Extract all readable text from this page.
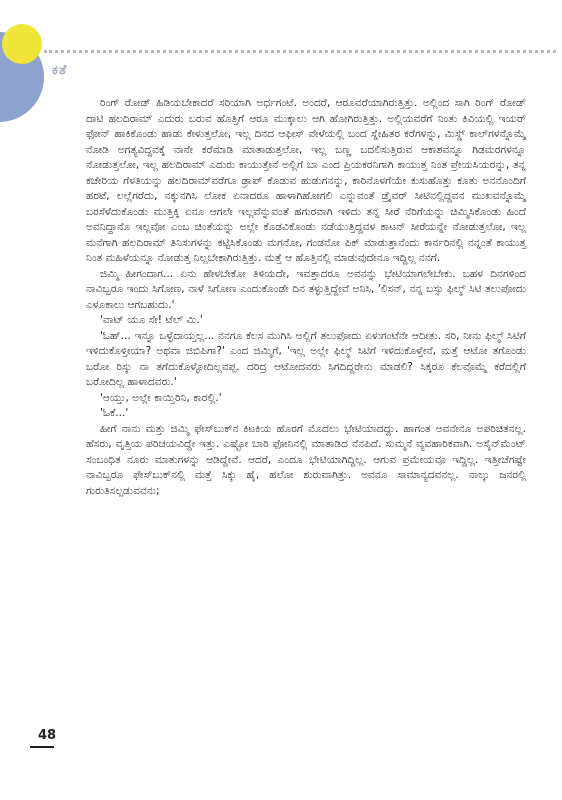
ಕತೆ

ರಿಂಗ್ ರೋಡ್ ಹಿಡಿಯಬೇಕಾದರೆ ಸರಿಯಾಗಿ ಅರ್ಧಗಂಟೆ. ಅಂದರೆ, ಆರೂವರೆಯಾಗಿರುತ್ತಿತ್ತು. ಅಲ್ಲಿಂದ ಸಾಗಿ ರಿಂಗ್ ರೋಡ್ ದಾಟಿ ಹಲದಿರಾಮ್ ಎದುರು ಬರುವ ಹೊತ್ತಿಗೆ ಆರೂ ಮುಕ್ಕಾಲು ಆಗಿ ಹೋಗಿರುತ್ತಿತ್ತು. ಅಲ್ಲಿಯವರೆಗೆ ನಿಂತು ಕಿವಿಯಲ್ಲಿ ಇಯರ್ ಫೋನ್ ಹಾಕಿಕೊಂಡು ಹಾಡು ಕೇಳುತ್ತಲೋ, ಇಲ್ಲ ದಿನದ ಆಫೀಸ್ ವೇಳೆಯಲ್ಲಿ ಬಂದ ಸ್ನೇಹಿತರ ಕರೆಗಳನ್ನು, ಮಿಸ್ಡ್ ಕಾಲ್‌ಗಳನ್ನೊಮ್ಮೆ ನೋಡಿ ಅಗತ್ಯವಿದ್ದವಕ್ಕೆ ನಾನೇ ಕರೆಮಾಡಿ ಮಾತಾಡುತ್ತಲೋ, ಇಲ್ಲ ಬಣ್ಣ ಬದಲಿಸುತ್ತಿರುವ ಆಕಾಶವನ್ನೂ ಗಿಡಮರಗಳನ್ನೂ ನೋಡುತ್ತಲೋ, ಇಲ್ಲ ಹಲದಿರಾಮ್ ಎದುರು ಕಾಯುತ್ತೇನೆ ಅಲ್ಲಿಗೆ ಬಾ ಎಂದ ಪ್ರಿಯಕರನಿಗಾಗಿ ಕಾಯುತ್ತ ನಿಂತ ಪ್ರೇಯಸಿಯರನ್ನು, ತನ್ನ ಕಚೇರಿಯ ಗೆಳತಿಯನ್ನು ಹಲದಿರಾಮ್‌ವರೆಗೂ ಡ್ರಾಪ್ ಕೊಡುವ ಹುಡುಗನನ್ನು, ಕಾರಿನೊಳಗೆಯೇ ಕುಸುಹೊತ್ತು ಕೂತು ಅನನೊಂದಿಗೆ ಹರಟೆ, ಲಲ್ಲೆಗರೆದು, ನಕ್ಕುನಗಿಸಿ ಲೋಕ ಏನಾದರೂ ಹಾಳಾಗಿಹೋಗಲಿ ಎನ್ನುವಂತೆ ಡ್ರೈವರ್ ಸೀಟಿನಲ್ಲಿದ್ದವನ ಮುಖವನ್ನೊಮ್ಮೆ ಬರಸೆಳೆದುಕೊಂಡು ಮುತ್ತಿಕ್ಕಿ ಏನೂ ಆಗಲೇ ಇಲ್ಲವೆನ್ನುವಂತೆ ಹಗುರವಾಗಿ ಇಳಿದು ತನ್ನ ಸೀರೆ ನೆರಿಗೆಯನ್ನು ಚಿಮ್ಮಿಸಿಕೊಂಡು ಹಿಂದೆ ಅವನಿದ್ದಾನೊ ಇಲ್ಲವೋ ಎಂಬ ಚಿಂತೆಯನ್ನು ಅಲ್ಲೇ ಕೊಡವಿಕೊಂಡು ನಡೆಯುತ್ತಿದ್ದವಳ ಕಾಟನ್ ಸೀರೆಯನ್ನೇ ನೋಡುತ್ತಲೋ, ಇಲ್ಲ ಮನೆಗಾಗಿ ಹಲದಿರಾಮ್ ತಿನಿಸುಗಳನ್ನು ಕಟ್ಟಿಸಿಕೊಂಡು ಮಗನೋ, ಗಂಡನೋ ಪಿಕ್ ಮಾಡುತ್ತಾನೆಂದು ಕಾರ್ನರಿನಲ್ಲಿ ನನ್ನಂತೆ ಕಾಯುತ್ತ ನಿಂತ ಮಹಿಳೆಯನ್ನೂ ನೋಡುತ್ತ ನಿಲ್ಲಬೇಕಾಗಿರುತ್ತಿತ್ತು. ಮತ್ತೆ ಆ ಹೊತ್ತಿನಲ್ಲಿ ಮಾಡುವುದೇನೂ ಇದ್ದಿಲ್ಲ ನನಗೆ.

ಜಿಮ್ಮಿ ಹೀಗಂದಾಗ... ಏನು ಹೇಳಬೇಕೋ ತಿಳಿಯದೇ, ಇವತ್ತಾದರೂ ಅವನನ್ನು ಭೇಟಿಯಾಗಲೇಬೇಕು. ಬಹಳ ದಿನಗಳಿಂದ ನಾವಿಬ್ಬರೂ ಇಂದು ಸಿಗೋಣ, ನಾಳೆ ಸಿಗೋಣ ಎಂದುಕೊಂಡೇ ದಿನ ತಳ್ಳುತ್ತಿದ್ದೇವೆ ಅನಿಸಿ, 'ಲಿಸನ್, ನನ್ನ ಬಸ್ಸು ಫಿಲ್ಮ್ ಸಿಟಿ ತಲುಪೋದು ಎಳೂಕಾಲು ಆಗಬಹುದು.'

'ವಾಟ್ ಯೂ ಸೇ! ಟೆಲ್ ಮಿ.'

'ಓಹ್... ಇನ್ನೂ ಒಳ್ಳೆದಾಯ್ತಲ್ಲ... ನನಗೂ ಕೆಲಸ ಮುಗಿಸಿ ಅಲ್ಲಿಗೆ ತಲುಪೋದು ಏಳುಗಂಟೆನೇ ಆದೀತು. ಸರಿ, ನೀನು ಫಿಲ್ಮ್ ಸಿಟಿಗೆ ಇಳಿದುಕೊಳ್ತೀಯಾ? ಅಥವಾ ಜಿಬಿಪಿಗಾ?' ಎಂದ ಜಿಮ್ಮಿಗೆ, 'ಇಲ್ಲ ಅಲ್ಲೇ ಫಿಲ್ಮ್ ಸಿಟಿಗೆ ಇಳಿದುಕೊಳ್ತೇನೆ, ಮತ್ತೆ ಆಟೋ ತಗೊಂಡು ಬರೋ ರಿಸ್ಕು ನಾ ತಗೆದುಕೊಳ್ಳೋದಿಲ್ಲವಪ್ಪ. ದರಿದ್ರ ಆಟೋದವರು ಸಿಗದಿದ್ದರೇನು ಮಾಡಲಿ? ಸಿಕ್ಕರೂ ಕೆಲವೊಮ್ಮೆ ಕರೆದಲ್ಲಿಗೆ ಬರೋದಿಲ್ಲ ಹಾಳಾದವರು.'

'ಆಯ್ತು, ಅಲ್ಲೇ ಕಾಯ್ತಿರಿನಿ, ಕಾರಲ್ಲಿ.'

'ಓಕೆ...'

ಹೀಗೆ ನಾನು ಮತ್ತು ಜಿಮ್ಮಿ ಫೇಸ್‌ಬುಕ್‌ನ ಕಿಟಕಿಯ ಹೊರಗೆ ಮೊದಲು ಭೇಟಿಯಾದದ್ದು. ಹಾಗಂತ ಅವನೇನೂ ಅಪರಿಚಿತನಲ್ಲ. ಹೆಸರು, ವೃತ್ತಿಯ ಪರಿಚಯವಿದ್ದೇ ಇತ್ತು. ಎಷ್ಟೋ ಬಾರಿ ಫೋನಿನಲ್ಲಿ ಮಾತಾಡಿದ ನೆನಪಿದೆ. ಸುಮ್ಮನೆ ವ್ಯವಹಾರಿಕವಾಗಿ. ಅಸೈನ್‌ಮೆಂಟ್ ಸಂಬಂಧಿತ ನೂರು ಮಾತುಗಳನ್ನು ಆಡಿದ್ದೇವೆ. ಆದರೆ, ಎಂದೂ ಭೇಟಿಯಾಗಿದ್ದಿಲ್ಲ. ಆಗುವ ಪ್ರಮೇಯವೂ ಇದ್ದಿಲ್ಲ. ಇತ್ತೀಚೆಗಷ್ಟೇ ನಾವಿಬ್ಬರೂ ಫೇಸ್‌ಬುಕ್‌ನಲ್ಲಿ ಮತ್ತೆ ಸಿಕ್ಕು ಹೈ, ಹಲೋ ಶುರುವಾಗಿತ್ತು. ಅವನೂ ಸಾಮಾನ್ಯದವನಲ್ಲ. ನಾಲ್ಕು ಜನರಲ್ಲಿ ಗುರುತಿಸಲ್ಪಡುವವನು;

48
